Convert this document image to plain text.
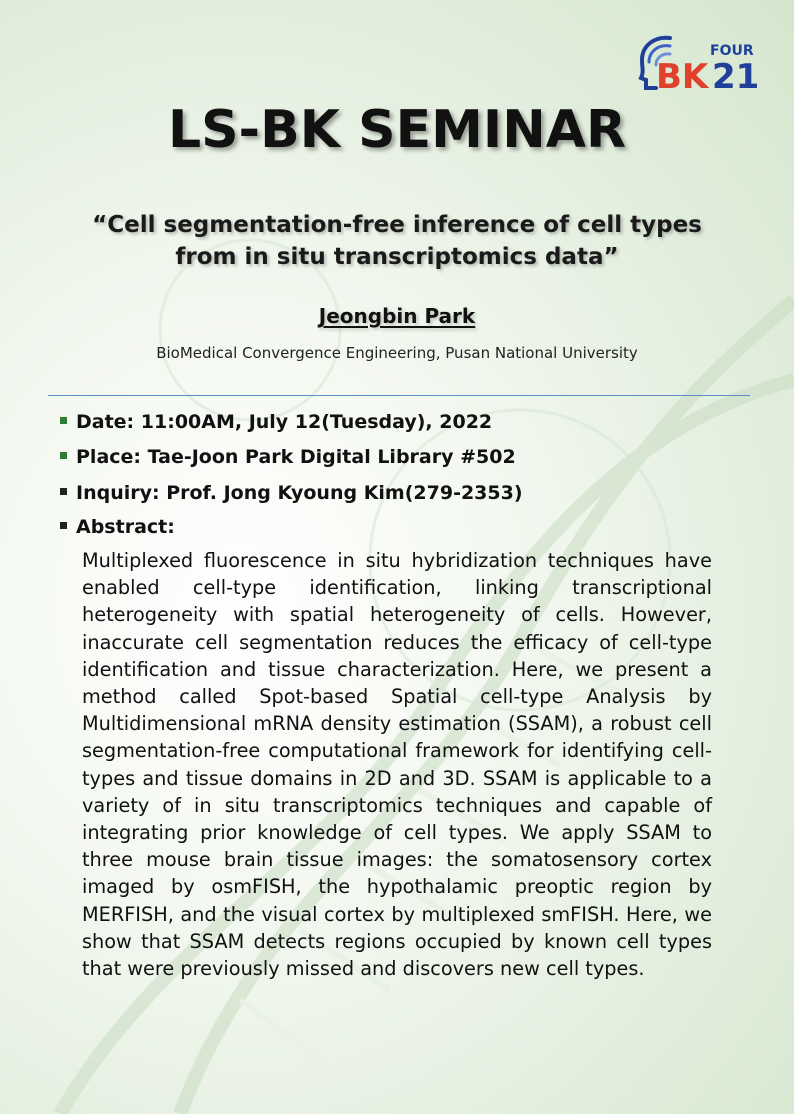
FOUR
BK 21
LS-BK SEMINAR
“Cell segmentation-free inference of cell types
from in situ transcriptomics data”
Jeongbin Park
BioMedical Convergence Engineering, Pusan National University
Date: 11:00AM, July 12(Tuesday), 2022
Place: Tae-Joon Park Digital Library #502
Inquiry: Prof. Jong Kyoung Kim(279-2353)
Abstract:
Multiplexed fluorescence in situ hybridization techniques have enabled cell-type identification, linking transcriptional heterogeneity with spatial heterogeneity of cells. However, inaccurate cell segmentation reduces the efficacy of cell-type identification and tissue characterization. Here, we present a method called Spot-based Spatial cell-type Analysis by Multidimensional mRNA density estimation (SSAM), a robust cell segmentation-free computational framework for identifying cell-types and tissue domains in 2D and 3D. SSAM is applicable to a variety of in situ transcriptomics techniques and capable of integrating prior knowledge of cell types. We apply SSAM to three mouse brain tissue images: the somatosensory cortex imaged by osmFISH, the hypothalamic preoptic region by MERFISH, and the visual cortex by multiplexed smFISH. Here, we show that SSAM detects regions occupied by known cell types that were previously missed and discovers new cell types.
